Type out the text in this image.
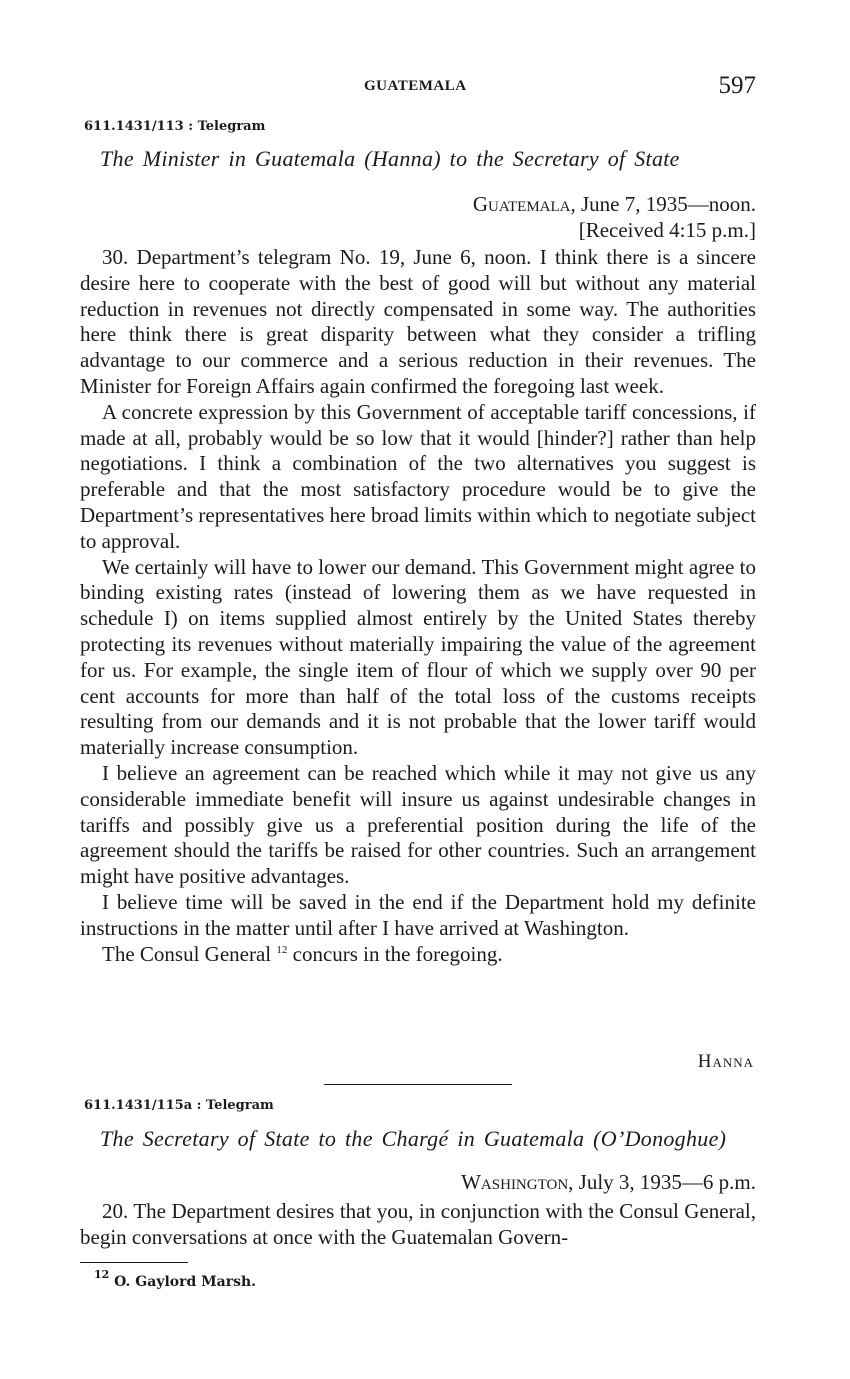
GUATEMALA	597
611.1431/113 : Telegram
The Minister in Guatemala (Hanna) to the Secretary of State
Guatemala, June 7, 1935—noon.
[Received 4:15 p.m.]

30. Department’s telegram No. 19, June 6, noon. I think there is a sincere desire here to cooperate with the best of good will but without any material reduction in revenues not directly compensated in some way. The authorities here think there is great disparity between what they consider a trifling advantage to our commerce and a serious reduction in their revenues. The Minister for Foreign Affairs again confirmed the foregoing last week.

A concrete expression by this Government of acceptable tariff concessions, if made at all, probably would be so low that it would [hinder?] rather than help negotiations. I think a combination of the two alternatives you suggest is preferable and that the most satisfactory procedure would be to give the Department’s representatives here broad limits within which to negotiate subject to approval.

We certainly will have to lower our demand. This Government might agree to binding existing rates (instead of lowering them as we have requested in schedule I) on items supplied almost entirely by the United States thereby protecting its revenues without materially impairing the value of the agreement for us. For example, the single item of flour of which we supply over 90 per cent accounts for more than half of the total loss of the customs receipts resulting from our demands and it is not probable that the lower tariff would materially increase consumption.

I believe an agreement can be reached which while it may not give us any considerable immediate benefit will insure us against undesirable changes in tariffs and possibly give us a preferential position during the life of the agreement should the tariffs be raised for other countries. Such an arrangement might have positive advantages.

I believe time will be saved in the end if the Department hold my definite instructions in the matter until after I have arrived at Washington.

The Consul General $^{12}$ concurs in the foregoing.

Hanna
611.1431/115a : Telegram
The Secretary of State to the Chargé in Guatemala (O’Donoghue)
Washington, July 3, 1935—6 p.m.

20. The Department desires that you, in conjunction with the Consul General, begin conversations at once with the Guatemalan Govern-

$^{12}$ O. Gaylord Marsh.
